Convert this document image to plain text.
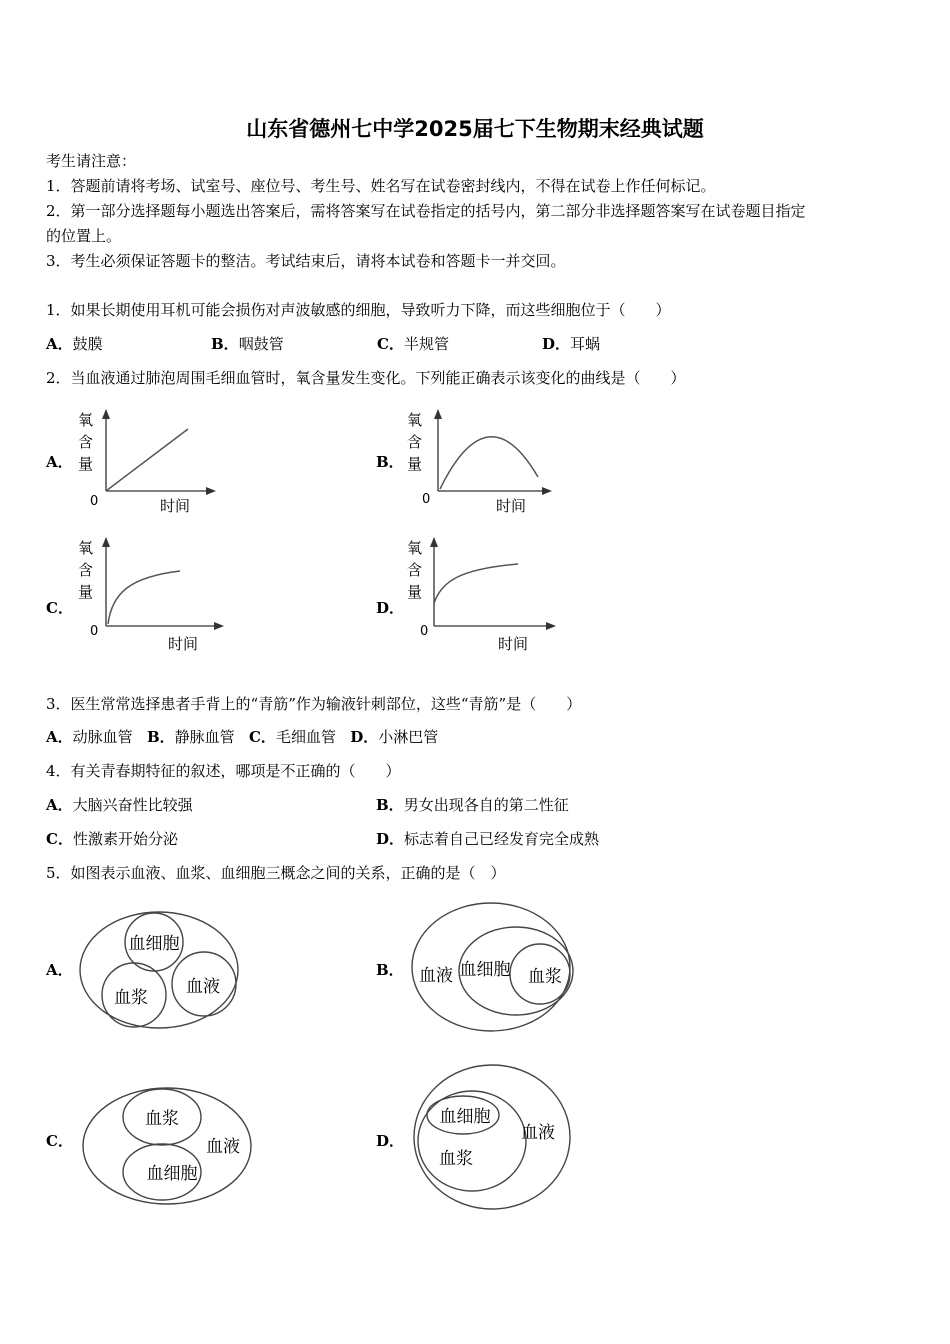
山东省德州七中学2025届七下生物期末经典试题
考生请注意：
1．答题前请将考场、试室号、座位号、考生号、姓名写在试卷密封线内，不得在试卷上作任何标记。
2．第一部分选择题每小题选出答案后，需将答案写在试卷指定的括号内，第二部分非选择题答案写在试卷题目指定
的位置上。
3．考生必须保证答题卡的整洁。考试结束后，请将本试卷和答题卡一并交回。
1．如果长期使用耳机可能会损伤对声波敏感的细胞，导致听力下降，而这些细胞位于（　　）
A．鼓膜	B．咽鼓管	C．半规管	D．耳蜗
2．当血液通过肺泡周围毛细血管时，氧含量发生变化。下列能正确表示该变化的曲线是（　　）
A．
氧
含
量
0	时间
B．
氧
含
量
0	时间
C．
氧
含
量
0
时间
D．
氧
含
量
0
时间
3．医生常常选择患者手背上的“青筋”作为输液针刺部位，这些“青筋”是（　　）
A．动脉血管 B．静脉血管 C．毛细血管 D．小淋巴管
4．有关青春期特征的叙述，哪项是不正确的（　　）
A．大脑兴奋性比较强	B．男女出现各自的第二性征
C．性激素开始分泌	D．标志着自己已经发育完全成熟
5．如图表示血液、血浆、血细胞三概念之间的关系，正确的是（　）
A．
血细胞
血浆
血液
B． 血液 血细胞 血浆
C．
血浆
血液
血细胞
D．
血细胞
血浆
血液
